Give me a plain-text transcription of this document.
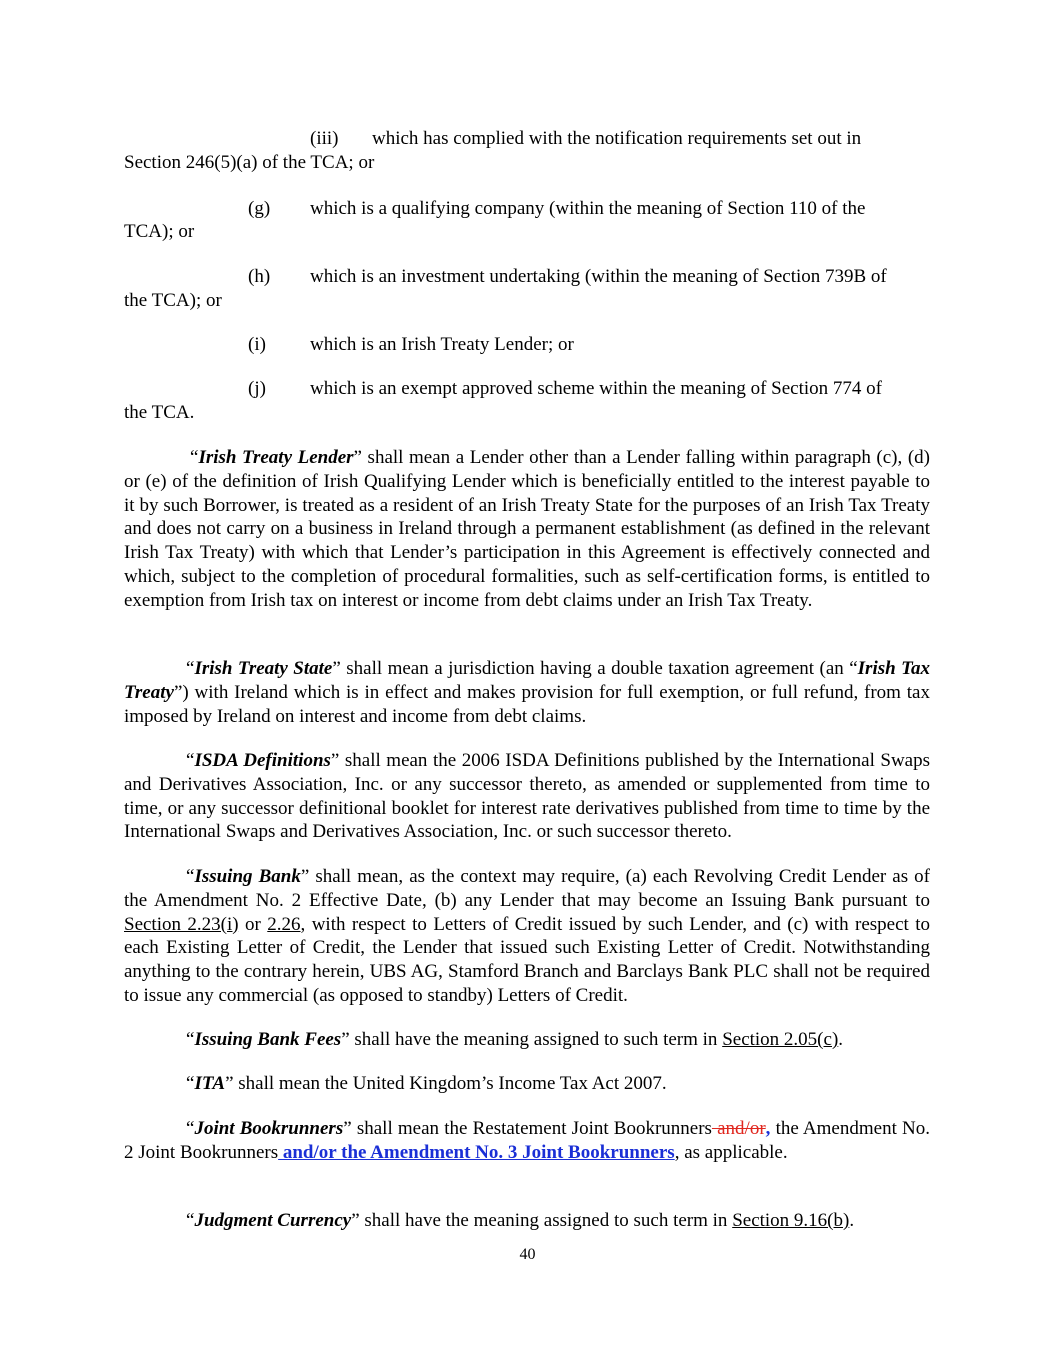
(iii) which has complied with the notification requirements set out in
Section 246(5)(a) of the TCA; or
(g) which is a qualifying company (within the meaning of Section 110 of the
TCA); or
(h) which is an investment undertaking (within the meaning of Section 739B of
the TCA); or
(i) which is an Irish Treaty Lender; or
(j) which is an exempt approved scheme within the meaning of Section 774 of
the TCA.
“Irish Treaty Lender” shall mean a Lender other than a Lender falling within paragraph (c), (d) or (e) of the definition of Irish Qualifying Lender which is beneficially entitled to the interest payable to it by such Borrower, is treated as a resident of an Irish Treaty State for the purposes of an Irish Tax Treaty and does not carry on a business in Ireland through a permanent establishment (as defined in the relevant Irish Tax Treaty) with which that Lender’s participation in this Agreement is effectively connected and which, subject to the completion of procedural formalities, such as self-certification forms, is entitled to exemption from Irish tax on interest or income from debt claims under an Irish Tax Treaty.
“Irish Treaty State” shall mean a jurisdiction having a double taxation agreement (an “Irish Tax Treaty”) with Ireland which is in effect and makes provision for full exemption, or full refund, from tax imposed by Ireland on interest and income from debt claims.
“ISDA Definitions” shall mean the 2006 ISDA Definitions published by the International Swaps and Derivatives Association, Inc. or any successor thereto, as amended or supplemented from time to time, or any successor definitional booklet for interest rate derivatives published from time to time by the International Swaps and Derivatives Association, Inc. or such successor thereto.
“Issuing Bank” shall mean, as the context may require, (a) each Revolving Credit Lender as of the Amendment No. 2 Effective Date, (b) any Lender that may become an Issuing Bank pursuant to Section 2.23(i) or 2.26, with respect to Letters of Credit issued by such Lender, and (c) with respect to each Existing Letter of Credit, the Lender that issued such Existing Letter of Credit. Notwithstanding anything to the contrary herein, UBS AG, Stamford Branch and Barclays Bank PLC shall not be required to issue any commercial (as opposed to standby) Letters of Credit.
“Issuing Bank Fees” shall have the meaning assigned to such term in Section 2.05(c).
“ITA” shall mean the United Kingdom’s Income Tax Act 2007.
“Joint Bookrunners” shall mean the Restatement Joint Bookrunners and/or, the Amendment No. 2 Joint Bookrunners and/or the Amendment No. 3 Joint Bookrunners, as applicable.
“Judgment Currency” shall have the meaning assigned to such term in Section 9.16(b).
40
